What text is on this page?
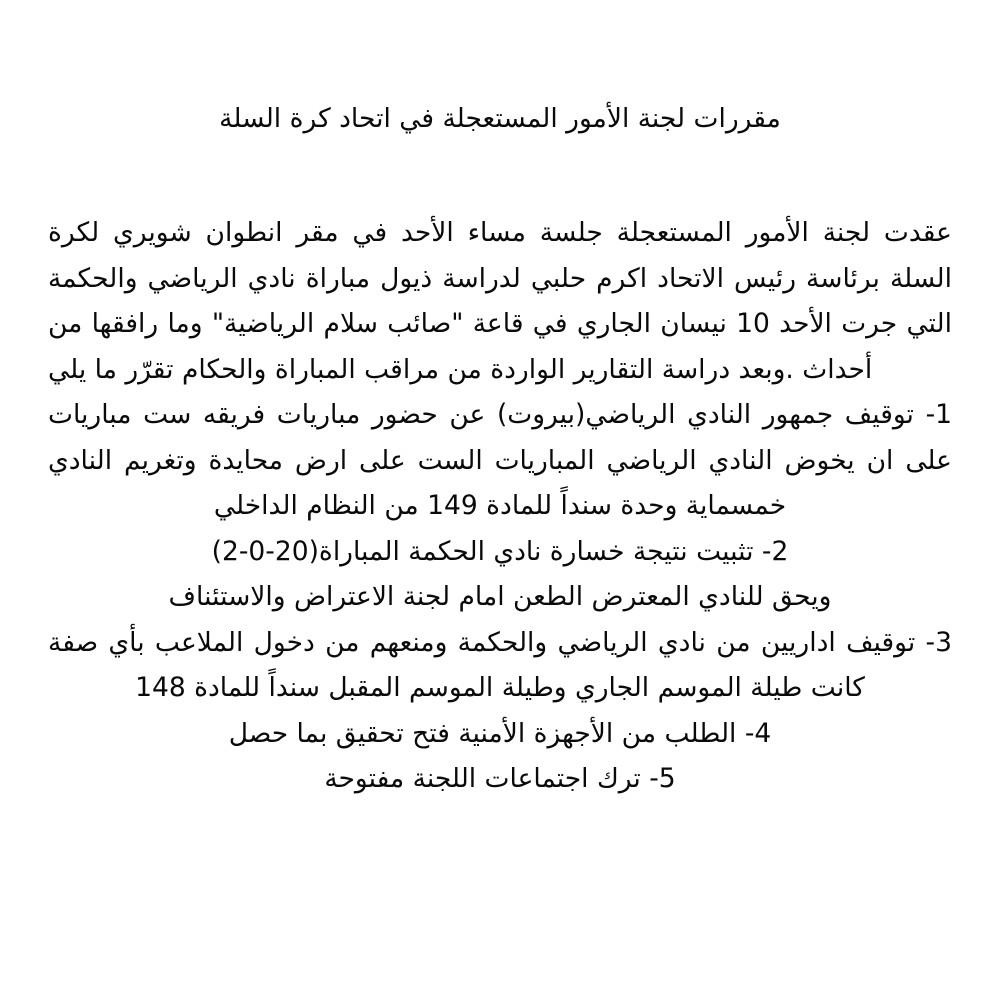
مقررات لجنة الأمور المستعجلة في اتحاد كرة السلة

عقدت لجنة الأمور المستعجلة جلسة مساء الأحد في مقر انطوان شويري لكرة السلة برئاسة رئيس الاتحاد اكرم حلبي لدراسة ذيول مباراة نادي الرياضي والحكمة التي جرت الأحد 10 نيسان الجاري في قاعة "صائب سلام الرياضية" وما رافقها من أحداث .وبعد دراسة التقارير الواردة من مراقب المباراة والحكام تقرّر ما يلي

1- توقيف جمهور النادي الرياضي(بيروت) عن حضور مباريات فريقه ست مباريات على ان يخوض النادي الرياضي المباريات الست على ارض محايدة وتغريم النادي خمسماية وحدة سنداً للمادة 149 من النظام الداخلي

2- تثبيت نتيجة خسارة نادي الحكمة المباراة(20-0-2)

ويحق للنادي المعترض الطعن امام لجنة الاعتراض والاستئناف

3- توقيف اداريين من نادي الرياضي والحكمة ومنعهم من دخول الملاعب بأي صفة كانت طيلة الموسم الجاري وطيلة الموسم المقبل سنداً للمادة 148

4- الطلب من الأجهزة الأمنية فتح تحقيق بما حصل

5- ترك اجتماعات اللجنة مفتوحة
